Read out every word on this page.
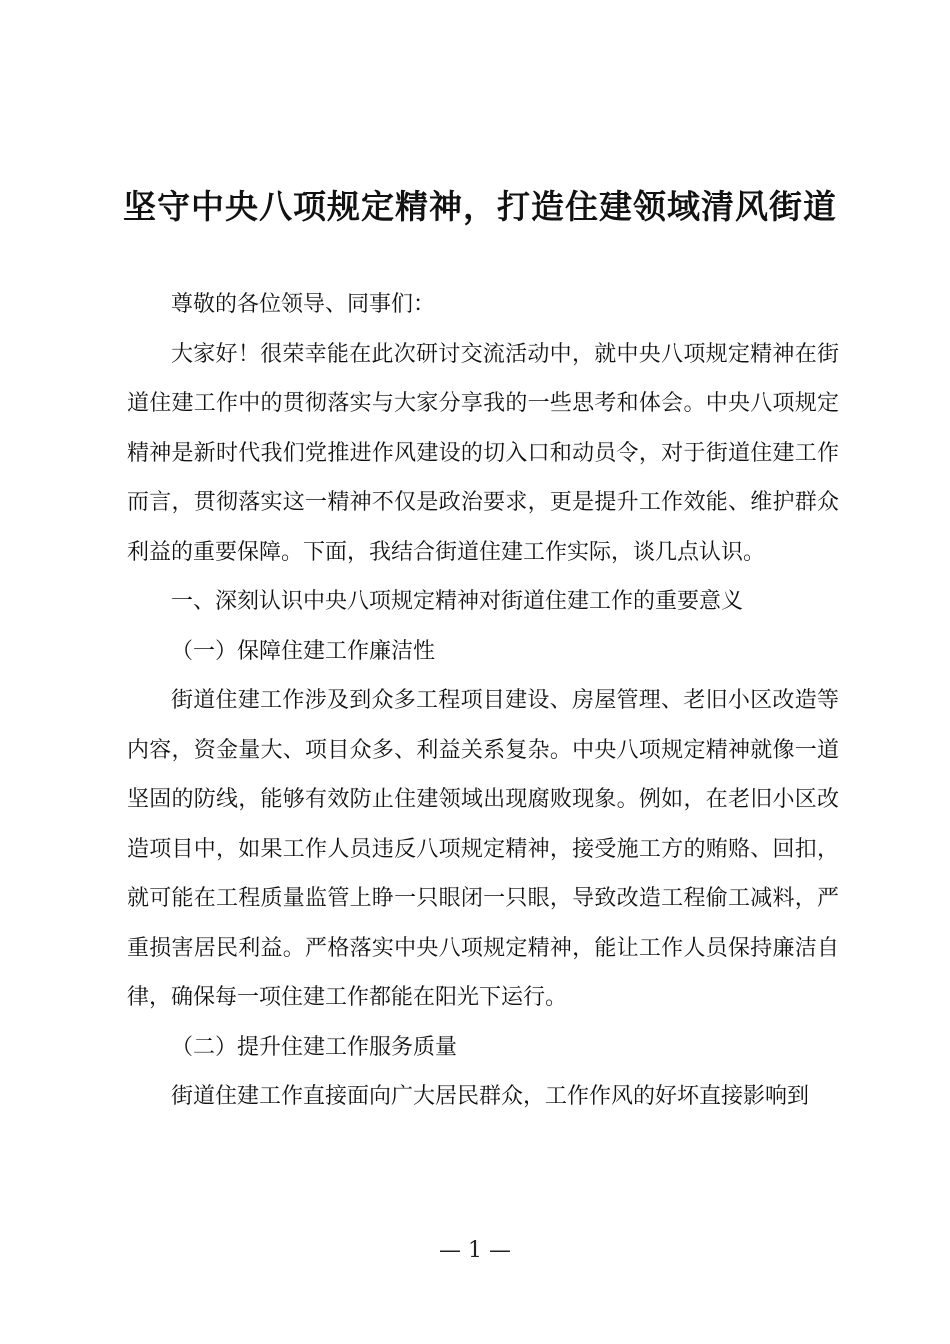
坚守中央八项规定精神，打造住建领域清风街道

尊敬的各位领导、同事们：

大家好！很荣幸能在此次研讨交流活动中，就中央八项规定精神在街道住建工作中的贯彻落实与大家分享我的一些思考和体会。中央八项规定精神是新时代我们党推进作风建设的切入口和动员令，对于街道住建工作而言，贯彻落实这一精神不仅是政治要求，更是提升工作效能、维护群众利益的重要保障。下面，我结合街道住建工作实际，谈几点认识。

一、深刻认识中央八项规定精神对街道住建工作的重要意义

（一）保障住建工作廉洁性

街道住建工作涉及到众多工程项目建设、房屋管理、老旧小区改造等内容，资金量大、项目众多、利益关系复杂。中央八项规定精神就像一道坚固的防线，能够有效防止住建领域出现腐败现象。例如，在老旧小区改造项目中，如果工作人员违反八项规定精神，接受施工方的贿赂、回扣，就可能在工程质量监管上睁一只眼闭一只眼，导致改造工程偷工减料，严重损害居民利益。严格落实中央八项规定精神，能让工作人员保持廉洁自律，确保每一项住建工作都能在阳光下运行。

（二）提升住建工作服务质量

街道住建工作直接面向广大居民群众，工作作风的好坏直接影响到

— 1 —
